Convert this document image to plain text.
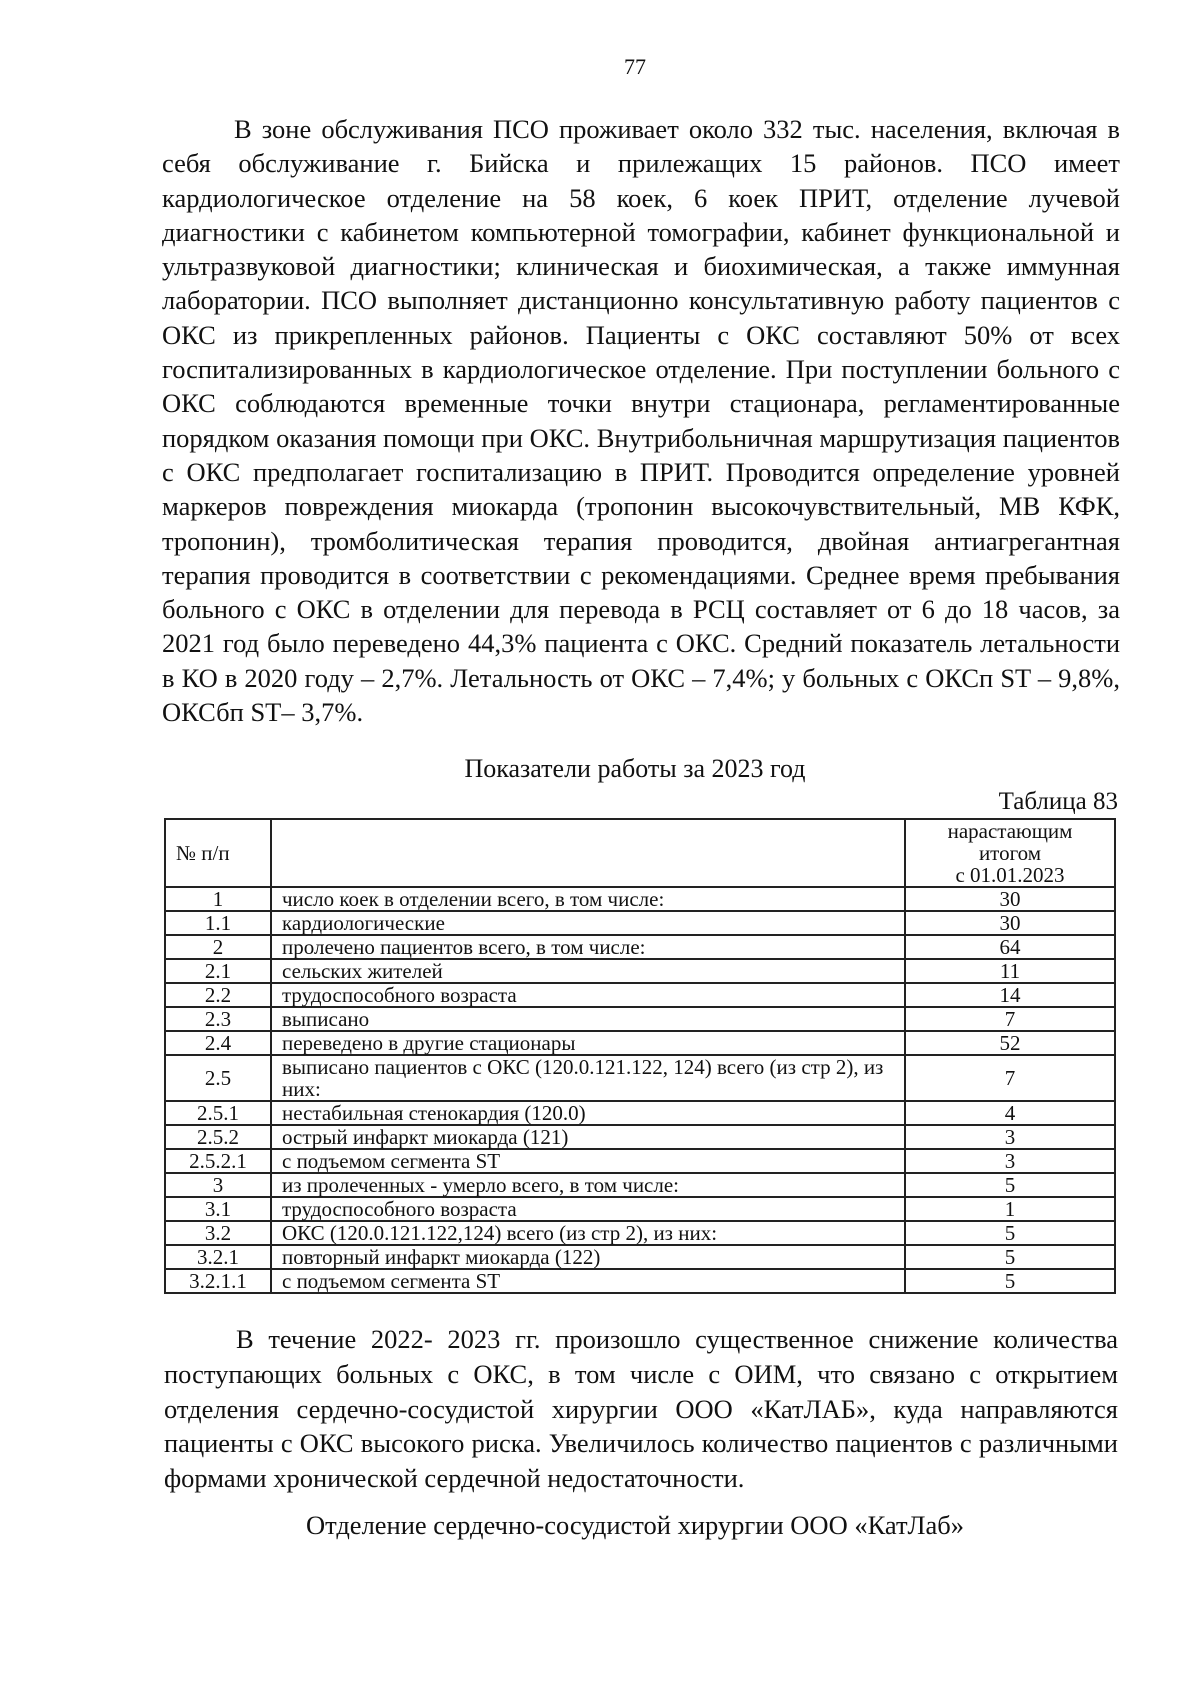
77

В зоне обслуживания ПСО проживает около 332 тыс. населения, включая в себя обслуживание г. Бийска и прилежащих 15 районов. ПСО имеет кардиологическое отделение на 58 коек, 6 коек ПРИТ, отделение лучевой диагностики с кабинетом компьютерной томографии, кабинет функциональной и ультразвуковой диагностики; клиническая и биохимическая, а также иммунная лаборатории. ПСО выполняет дистанционно консультативную работу пациентов с ОКС из прикрепленных районов. Пациенты с ОКС составляют 50% от всех госпитализированных в кардиологическое отделение. При поступлении больного с ОКС соблюдаются временные точки внутри стационара, регламентированные порядком оказания помощи при ОКС. Внутрибольничная маршрутизация пациентов с ОКС предполагает госпитализацию в ПРИТ. Проводится определение уровней маркеров повреждения миокарда (тропонин высокочувствительный, МВ КФК, тропонин), тромболитическая терапия проводится, двойная антиагрегантная терапия проводится в соответствии с рекомендациями. Среднее время пребывания больного с ОКС в отделении для перевода в РСЦ составляет от 6 до 18 часов, за 2021 год было переведено 44,3% пациента с ОКС. Средний показатель летальности в КО в 2020 году – 2,7%. Летальность от ОКС – 7,4%; у больных с ОКСп ST – 9,8%, ОКСбп ST– 3,7%.

Показатели работы за 2023 год
Таблица 83
№ п/п		нарастающим
итогом
с 01.01.2023

1	число коек в отделении всего, в том числе:	30
1.1	кардиологические	30
2	пролечено пациентов всего, в том числе:	64
2.1	сельских жителей	11
2.2	трудоспособного возраста	14
2.3	выписано	7
2.4	переведено в другие стационары	52
2.5	выписано пациентов с ОКС (120.0.121.122, 124) всего (из стр 2), из них:	7
2.5.1	нестабильная стенокардия (120.0)	4
2.5.2	острый инфаркт миокарда (121)	3
2.5.2.1	с подъемом сегмента ST	3
3	из пролеченных - умерло всего, в том числе:	5
3.1	трудоспособного возраста	1
3.2	ОКС (120.0.121.122,124) всего (из стр 2), из них:	5
3.2.1	повторный инфаркт миокарда (122)	5
3.2.1.1	с подъемом сегмента ST	5

В течение 2022- 2023 гг. произошло существенное снижение количества поступающих больных с ОКС, в том числе с ОИМ, что связано с открытием отделения сердечно-сосудистой хирургии ООО «КатЛАБ», куда направляются пациенты с ОКС высокого риска. Увеличилось количество пациентов с различными формами хронической сердечной недостаточности.

Отделение сердечно-сосудистой хирургии ООО «КатЛаб»
